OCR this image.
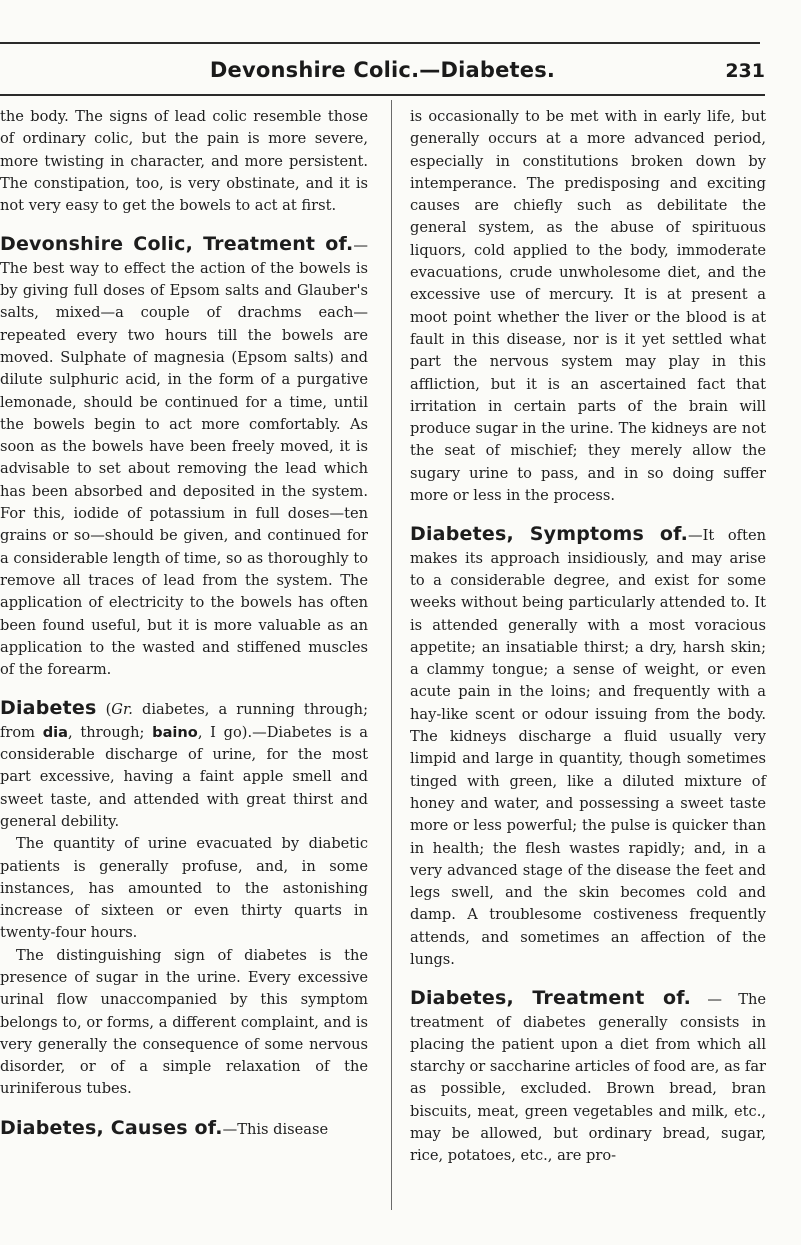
Devonshire Colic.—Diabetes.	231

the body. The signs of lead colic resemble those of ordinary colic, but the pain is more severe, more twisting in character, and more persistent. The constipation, too, is very obstinate, and it is not very easy to get the bowels to act at first.

Devonshire Colic, Treatment of.—The best way to effect the action of the bowels is by giving full doses of Epsom salts and Glauber's salts, mixed—a couple of drachms each—repeated every two hours till the bowels are moved. Sulphate of magnesia (Epsom salts) and dilute sulphuric acid, in the form of a purgative lemonade, should be continued for a time, until the bowels begin to act more comfortably. As soon as the bowels have been freely moved, it is advisable to set about removing the lead which has been absorbed and deposited in the system. For this, iodide of potassium in full doses—ten grains or so—should be given, and continued for a considerable length of time, so as thoroughly to remove all traces of lead from the system. The application of electricity to the bowels has often been found useful, but it is more valuable as an application to the wasted and stiffened muscles of the forearm.

Diabetes (Gr. diabetes, a running through; from dia, through; baino, I go).—Diabetes is a considerable discharge of urine, for the most part excessive, having a faint apple smell and sweet taste, and attended with great thirst and general debility.

The quantity of urine evacuated by diabetic patients is generally profuse, and, in some instances, has amounted to the astonishing increase of sixteen or even thirty quarts in twenty-four hours.

The distinguishing sign of diabetes is the presence of sugar in the urine. Every excessive urinal flow unaccompanied by this symptom belongs to, or forms, a different complaint, and is very generally the consequence of some nervous disorder, or of a simple relaxation of the uriniferous tubes.

Diabetes, Causes of.—This disease

is occasionally to be met with in early life, but generally occurs at a more advanced period, especially in constitutions broken down by intemperance. The predisposing and exciting causes are chiefly such as debilitate the general system, as the abuse of spirituous liquors, cold applied to the body, immoderate evacuations, crude unwholesome diet, and the excessive use of mercury. It is at present a moot point whether the liver or the blood is at fault in this disease, nor is it yet settled what part the nervous system may play in this affliction, but it is an ascertained fact that irritation in certain parts of the brain will produce sugar in the urine. The kidneys are not the seat of mischief; they merely allow the sugary urine to pass, and in so doing suffer more or less in the process.

Diabetes, Symptoms of.—It often makes its approach insidiously, and may arise to a considerable degree, and exist for some weeks without being particularly attended to. It is attended generally with a most voracious appetite; an insatiable thirst; a dry, harsh skin; a clammy tongue; a sense of weight, or even acute pain in the loins; and frequently with a hay-like scent or odour issuing from the body. The kidneys discharge a fluid usually very limpid and large in quantity, though sometimes tinged with green, like a diluted mixture of honey and water, and possessing a sweet taste more or less powerful; the pulse is quicker than in health; the flesh wastes rapidly; and, in a very advanced stage of the disease the feet and legs swell, and the skin becomes cold and damp. A troublesome costiveness frequently attends, and sometimes an affection of the lungs.

Diabetes, Treatment of. — The treatment of diabetes generally consists in placing the patient upon a diet from which all starchy or saccharine articles of food are, as far as possible, excluded. Brown bread, bran biscuits, meat, green vegetables and milk, etc., may be allowed, but ordinary bread, sugar, rice, potatoes, etc., are pro-
